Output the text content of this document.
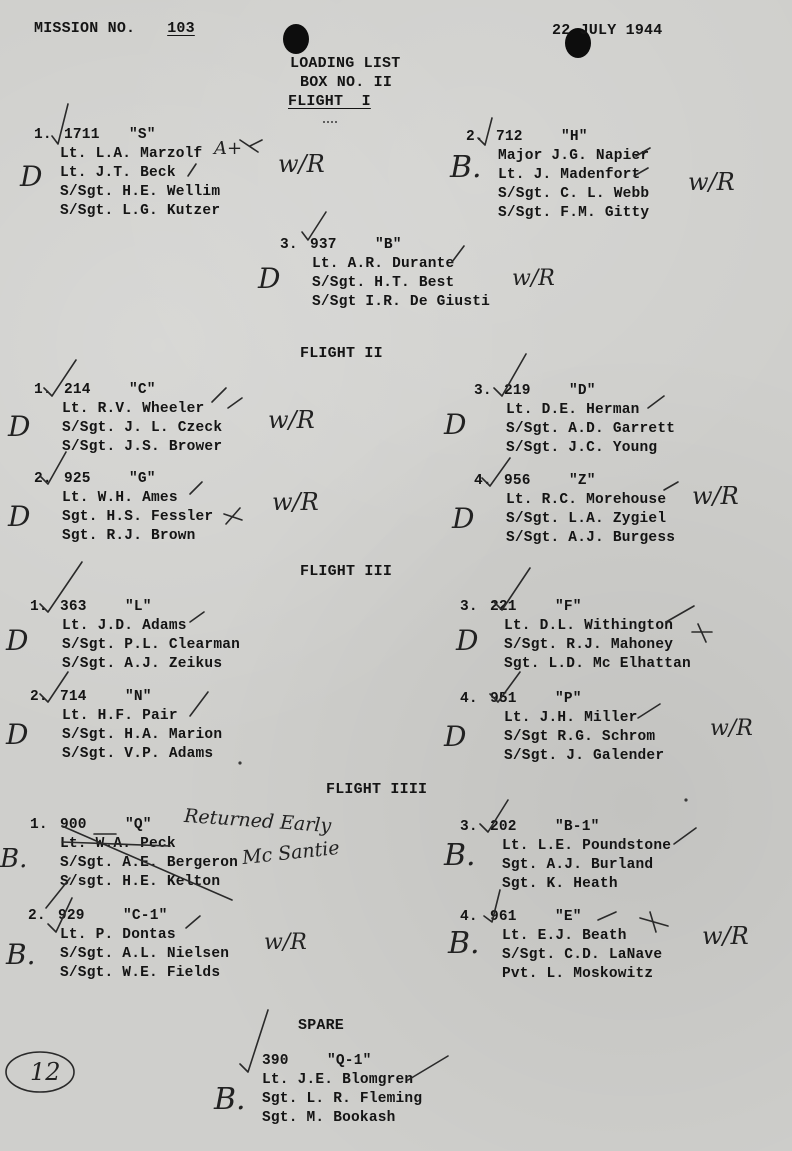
MISSION NO.	103	22 JULY 1944
LOADING LIST
BOX NO. II
FLIGHT  I
1. 1711 "S"
Lt. L.A. Marzolf
Lt. J.T. Beck
S/Sgt. H.E. Wellim
S/Sgt. L.G. Kutzer
2. 712	"H"
Major J.G. Napier
Lt. J. Madenfort
S/Sgt. C. L. Webb
S/Sgt. F.M. Gitty
3. 937	"B"
Lt. A.R. Durante
S/Sgt. H.T. Best
S/Sgt I.R. De Giusti
FLIGHT II
1. 214	"C"
Lt. R.V. Wheeler
S/Sgt. J. L. Czeck
S/Sgt. J.S. Brower
3. 219	"D"
Lt. D.E. Herman
S/Sgt. A.D. Garrett
S/Sgt. J.C. Young
2. 925	"G"
Lt. W.H. Ames
Sgt. H.S. Fessler
Sgt. R.J. Brown
4. 956	"Z"
Lt. R.C. Morehouse
S/Sgt. L.A. Zygiel
S/Sgt. A.J. Burgess
FLIGHT III
1. 363	"L"
Lt. J.D. Adams
S/Sgt. P.L. Clearman
S/Sgt. A.J. Zeikus
3. 221	"F"
Lt. D.L. Withington
S/Sgt. R.J. Mahoney
Sgt. L.D. Mc Elhattan
2. 714	"N"
Lt. H.F. Pair
S/Sgt. H.A. Marion
S/Sgt. V.P. Adams
4. 951	"P"
Lt. J.H. Miller
S/Sgt R.G. Schrom
S/Sgt. J. Galender
FLIGHT IIII
1. 900	"Q"
Lt. W.A. Peck
S/Sgt. A.E. Bergeron
S/sgt. H.E. Kelton
3. 202	"B-1"
Lt. L.E. Poundstone
Sgt. A.J. Burland
Sgt. K. Heath
2. 929	"C-1"
Lt. P. Dontas
S/Sgt. A.L. Nielsen
S/Sgt. W.E. Fields
4. 961	"E"
Lt. E.J. Beath
S/Sgt. C.D. LaNave
Pvt. L. Moskowitz
SPARE
390	"Q-1"
Lt. J.E. Blomgren
Sgt. L. R. Fleming
Sgt. M. Bookash
A+
w/R
D	B.	w/R
D	w/R
D	w/R	D
D	w/R	D
w/R
D	D
D	D	w/R
Returned Early
Mc Santie
B.	B.
B.	w/R	B.	w/R
12
B.
